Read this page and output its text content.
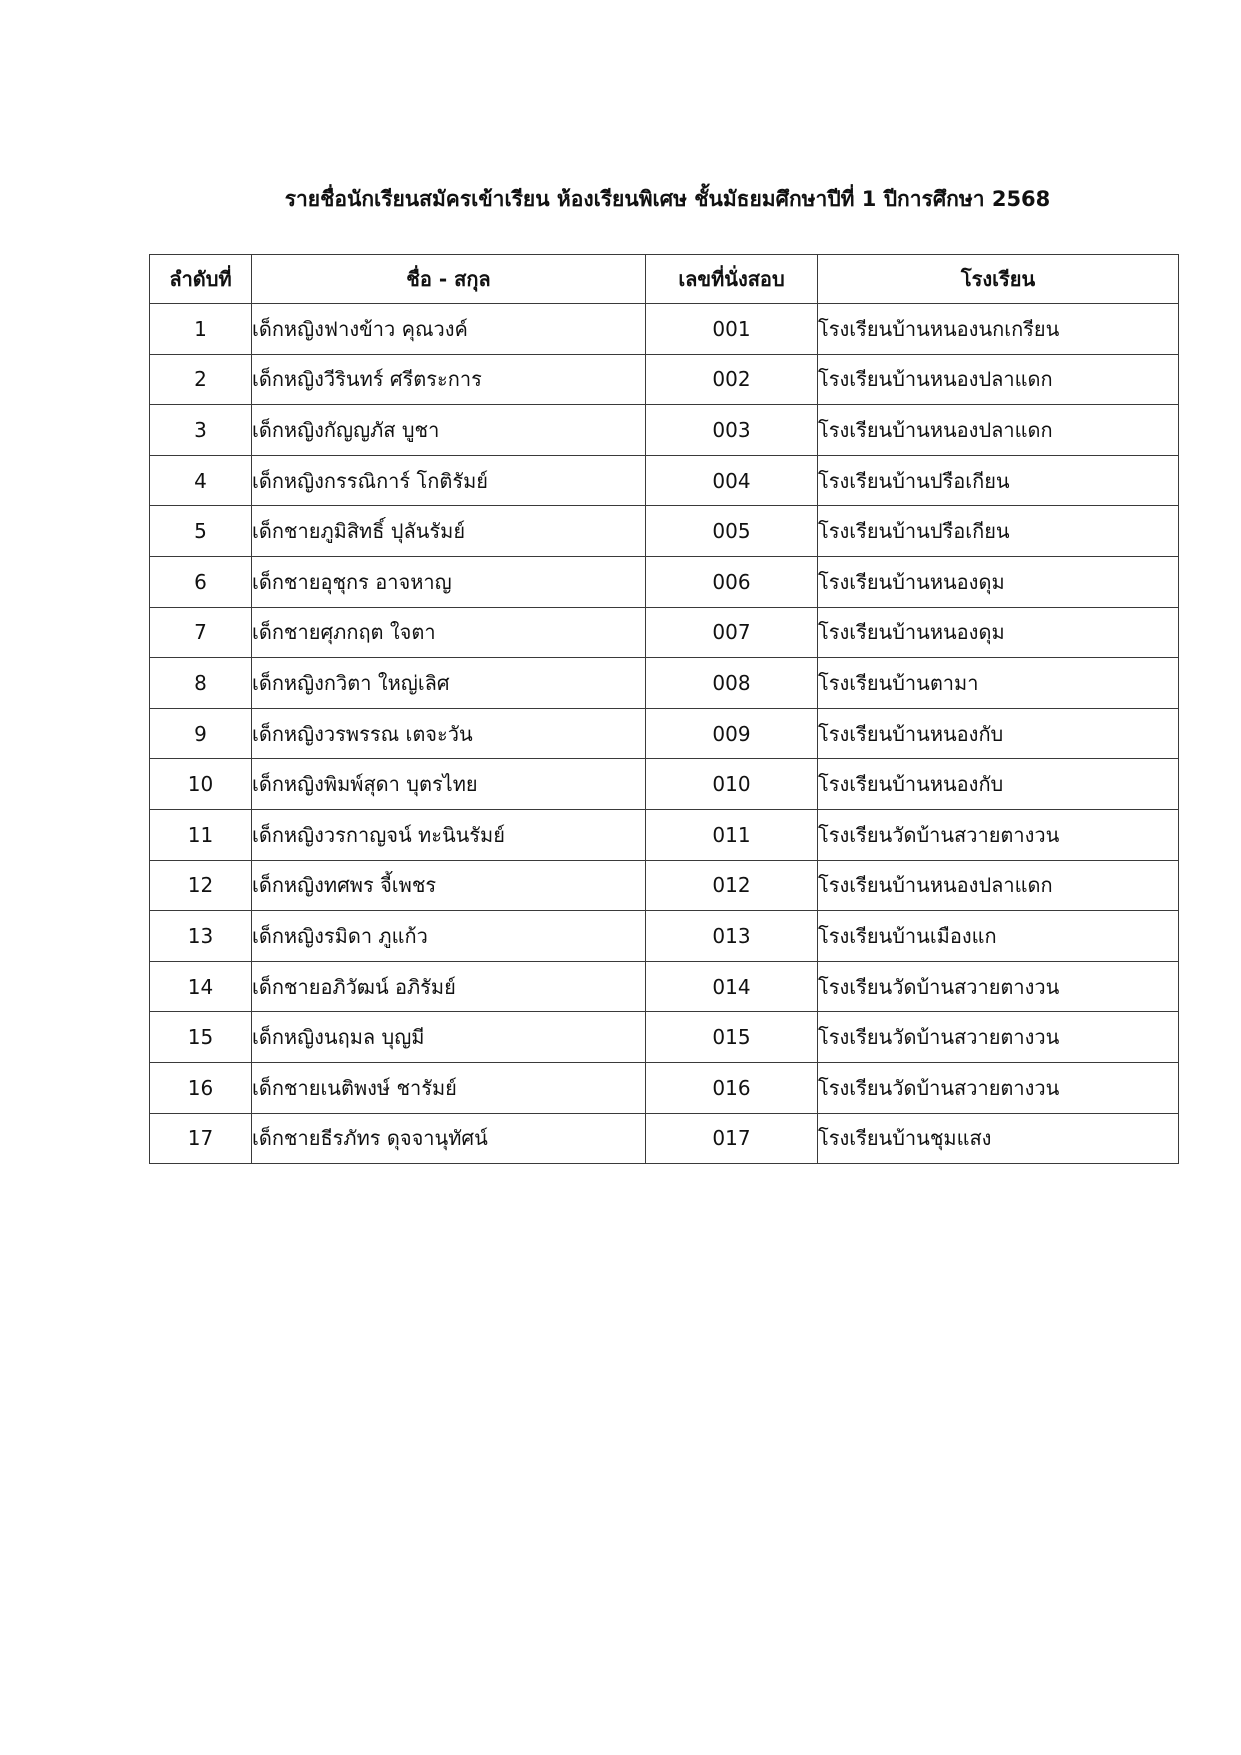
รายชื่อนักเรียนสมัครเข้าเรียน ห้องเรียนพิเศษ ชั้นมัธยมศึกษาปีที่ 1 ปีการศึกษา 2568
ลำดับที่	ชื่อ - สกุล	เลขที่นั่งสอบ	โรงเรียน
1	เด็กหญิงฟางข้าว คุณวงค์	001	โรงเรียนบ้านหนองนกเกรียน
2	เด็กหญิงวีรินทร์ ศรีตระการ	002	โรงเรียนบ้านหนองปลาแดก
3	เด็กหญิงกัญญภัส บูชา	003	โรงเรียนบ้านหนองปลาแดก
4	เด็กหญิงกรรณิการ์ โกติรัมย์	004	โรงเรียนบ้านปรือเกียน
5	เด็กชายภูมิสิทธิ์ ปุลันรัมย์	005	โรงเรียนบ้านปรือเกียน
6	เด็กชายอุชุกร อาจหาญ	006	โรงเรียนบ้านหนองดุม
7	เด็กชายศุภกฤต ใจตา	007	โรงเรียนบ้านหนองดุม
8	เด็กหญิงกวิตา ใหญ่เลิศ	008	โรงเรียนบ้านตามา
9	เด็กหญิงวรพรรณ เตจะวัน	009	โรงเรียนบ้านหนองกับ
10	เด็กหญิงพิมพ์สุดา บุตรไทย	010	โรงเรียนบ้านหนองกับ
11	เด็กหญิงวรกาญจน์ ทะนินรัมย์	011	โรงเรียนวัดบ้านสวายตางวน
12	เด็กหญิงทศพร จี้เพชร	012	โรงเรียนบ้านหนองปลาแดก
13	เด็กหญิงรมิดา ภูแก้ว	013	โรงเรียนบ้านเมืองแก
14	เด็กชายอภิวัฒน์ อภิรัมย์	014	โรงเรียนวัดบ้านสวายตางวน
15	เด็กหญิงนฤมล บุญมี	015	โรงเรียนวัดบ้านสวายตางวน
16	เด็กชายเนติพงษ์ ชารัมย์	016	โรงเรียนวัดบ้านสวายตางวน
17	เด็กชายธีรภัทร ดุจจานุทัศน์	017	โรงเรียนบ้านชุมแสง
